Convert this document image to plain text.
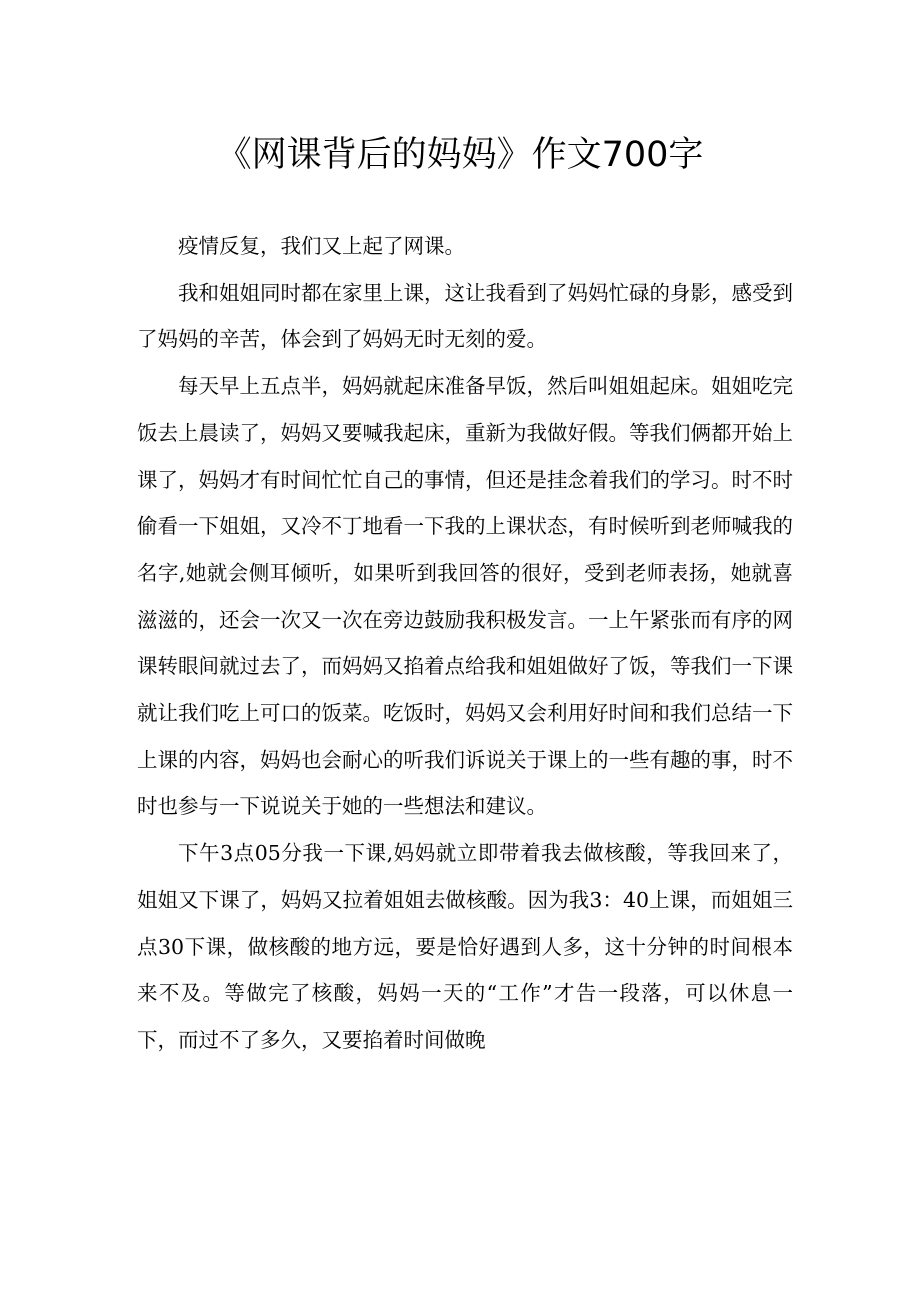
《网课背后的妈妈》作文700字

疫情反复，我们又上起了网课。

我和姐姐同时都在家里上课，这让我看到了妈妈忙碌的身影，感受到了妈妈的辛苦，体会到了妈妈无时无刻的爱。

每天早上五点半，妈妈就起床准备早饭，然后叫姐姐起床。姐姐吃完饭去上晨读了，妈妈又要喊我起床，重新为我做好假。等我们俩都开始上课了，妈妈才有时间忙忙自己的事情，但还是挂念着我们的学习。时不时偷看一下姐姐，又冷不丁地看一下我的上课状态，有时候听到老师喊我的名字,她就会侧耳倾听，如果听到我回答的很好，受到老师表扬，她就喜滋滋的，还会一次又一次在旁边鼓励我积极发言。一上午紧张而有序的网课转眼间就过去了，而妈妈又掐着点给我和姐姐做好了饭，等我们一下课就让我们吃上可口的饭菜。吃饭时，妈妈又会利用好时间和我们总结一下上课的内容，妈妈也会耐心的听我们诉说关于课上的一些有趣的事，时不时也参与一下说说关于她的一些想法和建议。

下午3点05分我一下课,妈妈就立即带着我去做核酸，等我回来了，姐姐又下课了，妈妈又拉着姐姐去做核酸。因为我3：40上课，而姐姐三点30下课，做核酸的地方远，要是恰好遇到人多，这十分钟的时间根本来不及。等做完了核酸，妈妈一天的“工作”才告一段落，可以休息一下，而过不了多久，又要掐着时间做晚
